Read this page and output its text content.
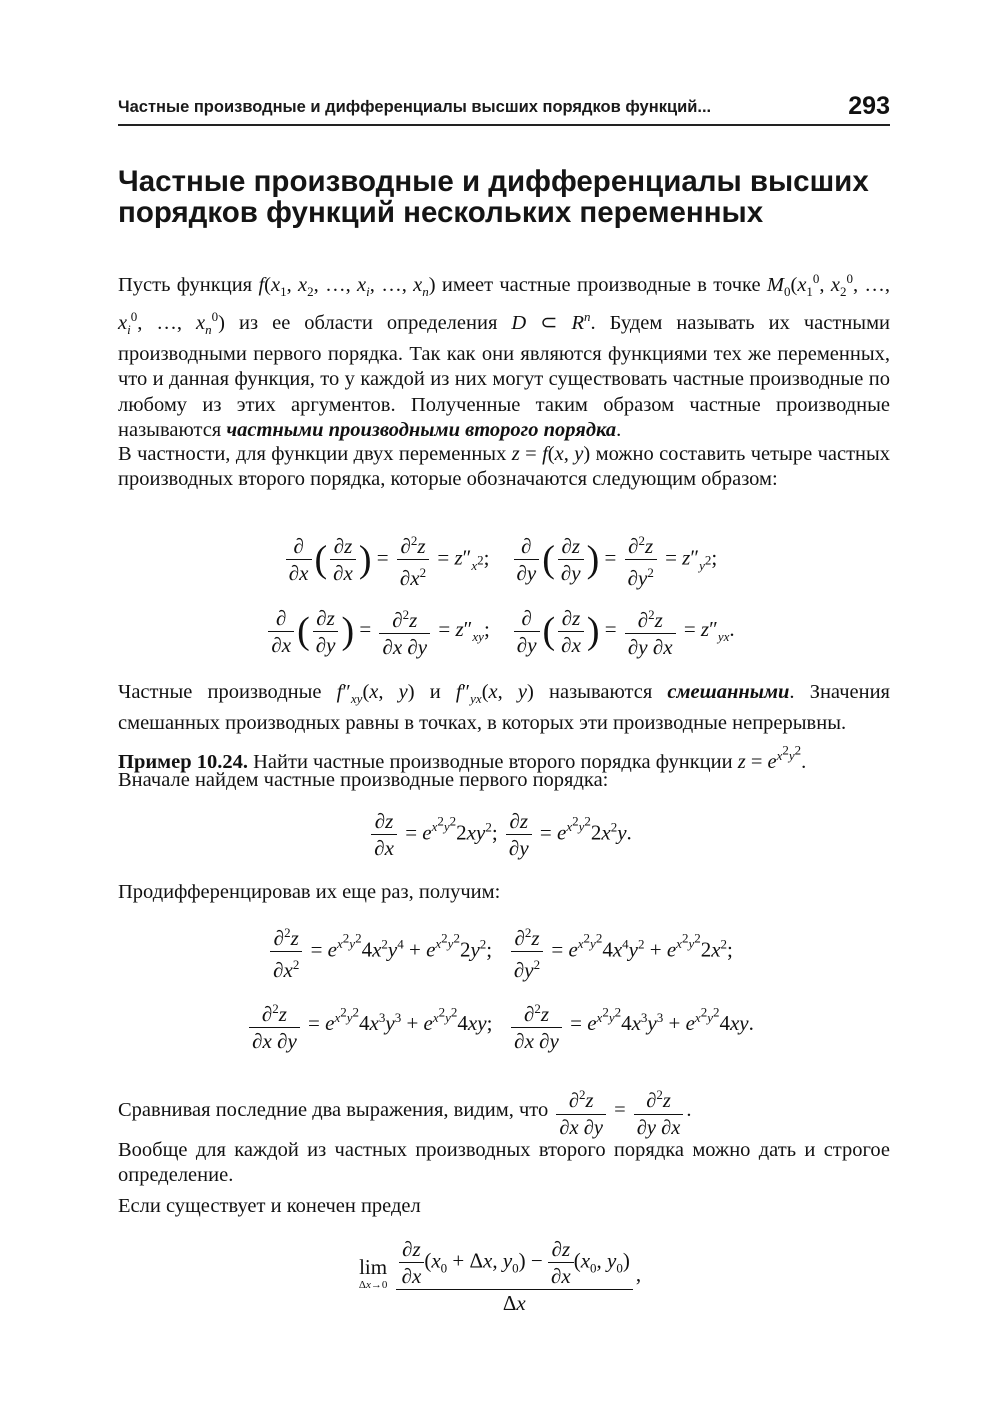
Частные производные и дифференциалы высших порядков функций...	293
Частные производные и дифференциалы высших порядков функций нескольких переменных

Пусть функция $f(x_1$, $x_2$, …, $x_i$, …, $x_n$) имеет частные производные в точке $M_0(x_1^0$, $x_2^0$, …, $x_i^0$, …, $x_n^0$) из ее области определения D ⊂ $R^n$. Будем называть их частными производными первого порядка. Так как они являются функциями тех же переменных, что и данная функция, то у каждой из них могут существовать частные производные по любому из этих аргументов. Полученные таким образом частные производные называются частными производными второго порядка.

В частности, для функции двух переменных z = f(x, y) можно составить четыре частных производных второго порядка, которые обозначаются следующим образом:

$\frac{\partial}{\partial x}$ ( $\frac{\partial z}{\partial x}$ ) = $\frac{\partial^2z}{\partial x^2} = z''_{x^2}$; $\frac{\partial}{\partial y}$ ( $\frac{\partial z}{\partial y}$ ) = $\frac{\partial^2z}{\partial y^2} = z''_{y^2}$;
$\frac{\partial}{\partial x}$ ( $\frac{\partial z}{\partial y}$ ) = $\frac{\partial^2z}{\partial x \partial y} = z''_{xy}$; $\frac{\partial}{\partial y}$ ( $\frac{\partial z}{\partial x}$ ) = $\frac{\partial^2z}{\partial y \partial x} = z''_{yx}$.

Частные производные $f''_{xy}(x$, y) и $f''_{yx}(x$, y) называются смешанными. Значения смешанных производных равны в точках, в которых эти производные непрерывны.

Пример 10.24. Найти частные производные второго порядка функции $z = e^{x^2y^2}$.

Вначале найдем частные производные первого порядка:

$\frac{\partial z}{\partial x} = e^{x^2y^2}2xy^2$; $\frac{\partial z}{\partial y} = e^{x^2y^2}2x^2y$.

Продифференцировав их еще раз, получим:

$\frac{\partial^2z}{\partial x^2} = e^{x^2y^2}4x^2y^4 + e^{x^2y^2}2y^2$; $\frac{\partial^2z}{\partial y^2} = e^{x^2y^2}4x^4y^2 + e^{x^2y^2}2x^2$;
$\frac{\partial^2z}{\partial x \partial y} = e^{x^2y^2}4x^3y^3 + e^{x^2y^2}4xy$; $\frac{\partial^2z}{\partial x \partial y} = e^{x^2y^2}4x^3y^3 + e^{x^2y^2}4xy$.

Сравнивая последние два выражения, видим, что $\frac{\partial^2z}{\partial x \partial y} = \frac{\partial^2z}{\partial y \partial x}$ .

Вообще для каждой из частных производных второго порядка можно дать и строгое определение.

Если существует и конечен предел

lim
Δx→0
$\frac{\frac{\partial z}{\partial x} (x_0 + \Delta x, y_0) - \frac{\partial z}{\partial x} (x_0, y_0)}{\Delta x}$ ,
